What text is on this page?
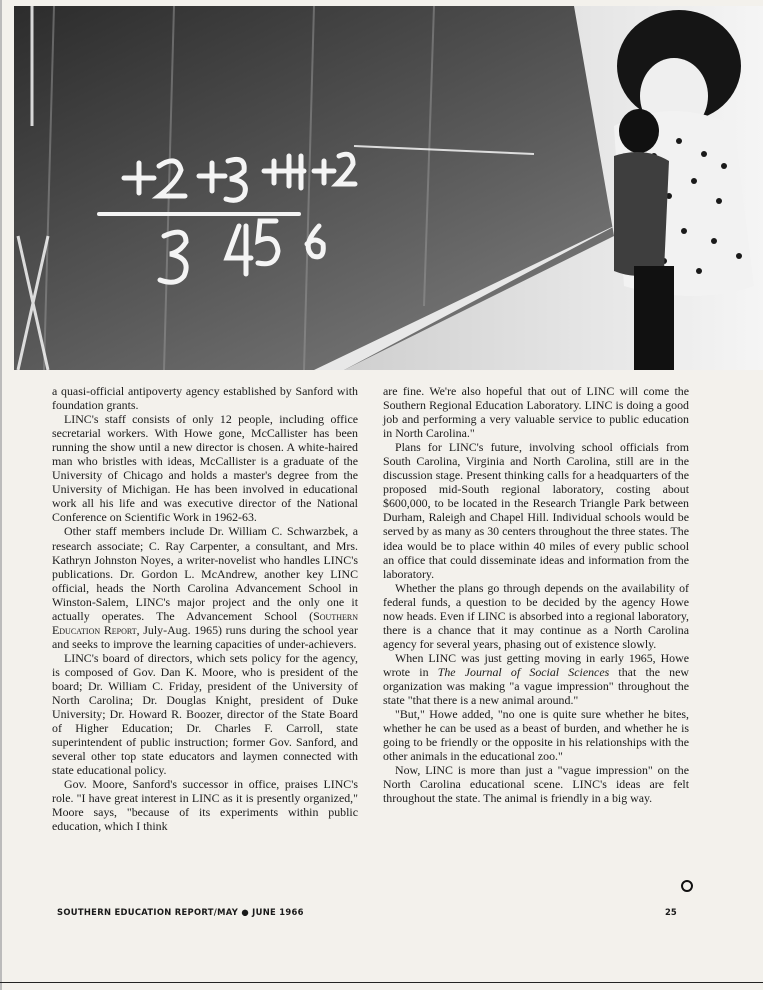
a quasi-official antipoverty agency established by Sanford with foundation grants.

LINC's staff consists of only 12 people, including office secretarial workers. With Howe gone, McCallister has been running the show until a new director is chosen. A white-haired man who bristles with ideas, McCallister is a graduate of the University of Chicago and holds a master's degree from the University of Michigan. He has been involved in educational work all his life and was executive director of the National Conference on Scientific Work in 1962-63.

Other staff members include Dr. William C. Schwarzbek, a research associate; C. Ray Carpenter, a consultant, and Mrs. Kathryn Johnston Noyes, a writer-novelist who handles LINC's publications. Dr. Gordon L. McAndrew, another key LINC official, heads the North Carolina Advancement School in Winston-Salem, LINC's major project and the only one it actually operates. The Advancement School (Southern Education Report, July-Aug. 1965) runs during the school year and seeks to improve the learning capacities of under-achievers.

LINC's board of directors, which sets policy for the agency, is composed of Gov. Dan K. Moore, who is president of the board; Dr. William C. Friday, president of the University of North Carolina; Dr. Douglas Knight, president of Duke University; Dr. Howard R. Boozer, director of the State Board of Higher Education; Dr. Charles F. Carroll, state superintendent of public instruction; former Gov. Sanford, and several other top state educators and laymen connected with state educational policy.

Gov. Moore, Sanford's successor in office, praises LINC's role. "I have great interest in LINC as it is presently organized," Moore says, "because of its experiments within public education, which I think

are fine. We're also hopeful that out of LINC will come the Southern Regional Education Laboratory. LINC is doing a good job and performing a very valuable service to public education in North Carolina."

Plans for LINC's future, involving school officials from South Carolina, Virginia and North Carolina, still are in the discussion stage. Present thinking calls for a headquarters of the proposed mid-South regional laboratory, costing about $600,000, to be located in the Research Triangle Park between Durham, Raleigh and Chapel Hill. Individual schools would be served by as many as 30 centers throughout the three states. The idea would be to place within 40 miles of every public school an office that could disseminate ideas and information from the laboratory.

Whether the plans go through depends on the availability of federal funds, a question to be decided by the agency Howe now heads. Even if LINC is absorbed into a regional laboratory, there is a chance that it may continue as a North Carolina agency for several years, phasing out of existence slowly.

When LINC was just getting moving in early 1965, Howe wrote in The Journal of Social Sciences that the new organization was making "a vague impression" throughout the state "that there is a new animal around."

"But," Howe added, "no one is quite sure whether he bites, whether he can be used as a beast of burden, and whether he is going to be friendly or the opposite in his relationships with the other animals in the educational zoo."

Now, LINC is more than just a "vague impression" on the North Carolina educational scene. LINC's ideas are felt throughout the state. The animal is friendly in a big way.

SOUTHERN EDUCATION REPORT/MAY ● JUNE 1966	25
